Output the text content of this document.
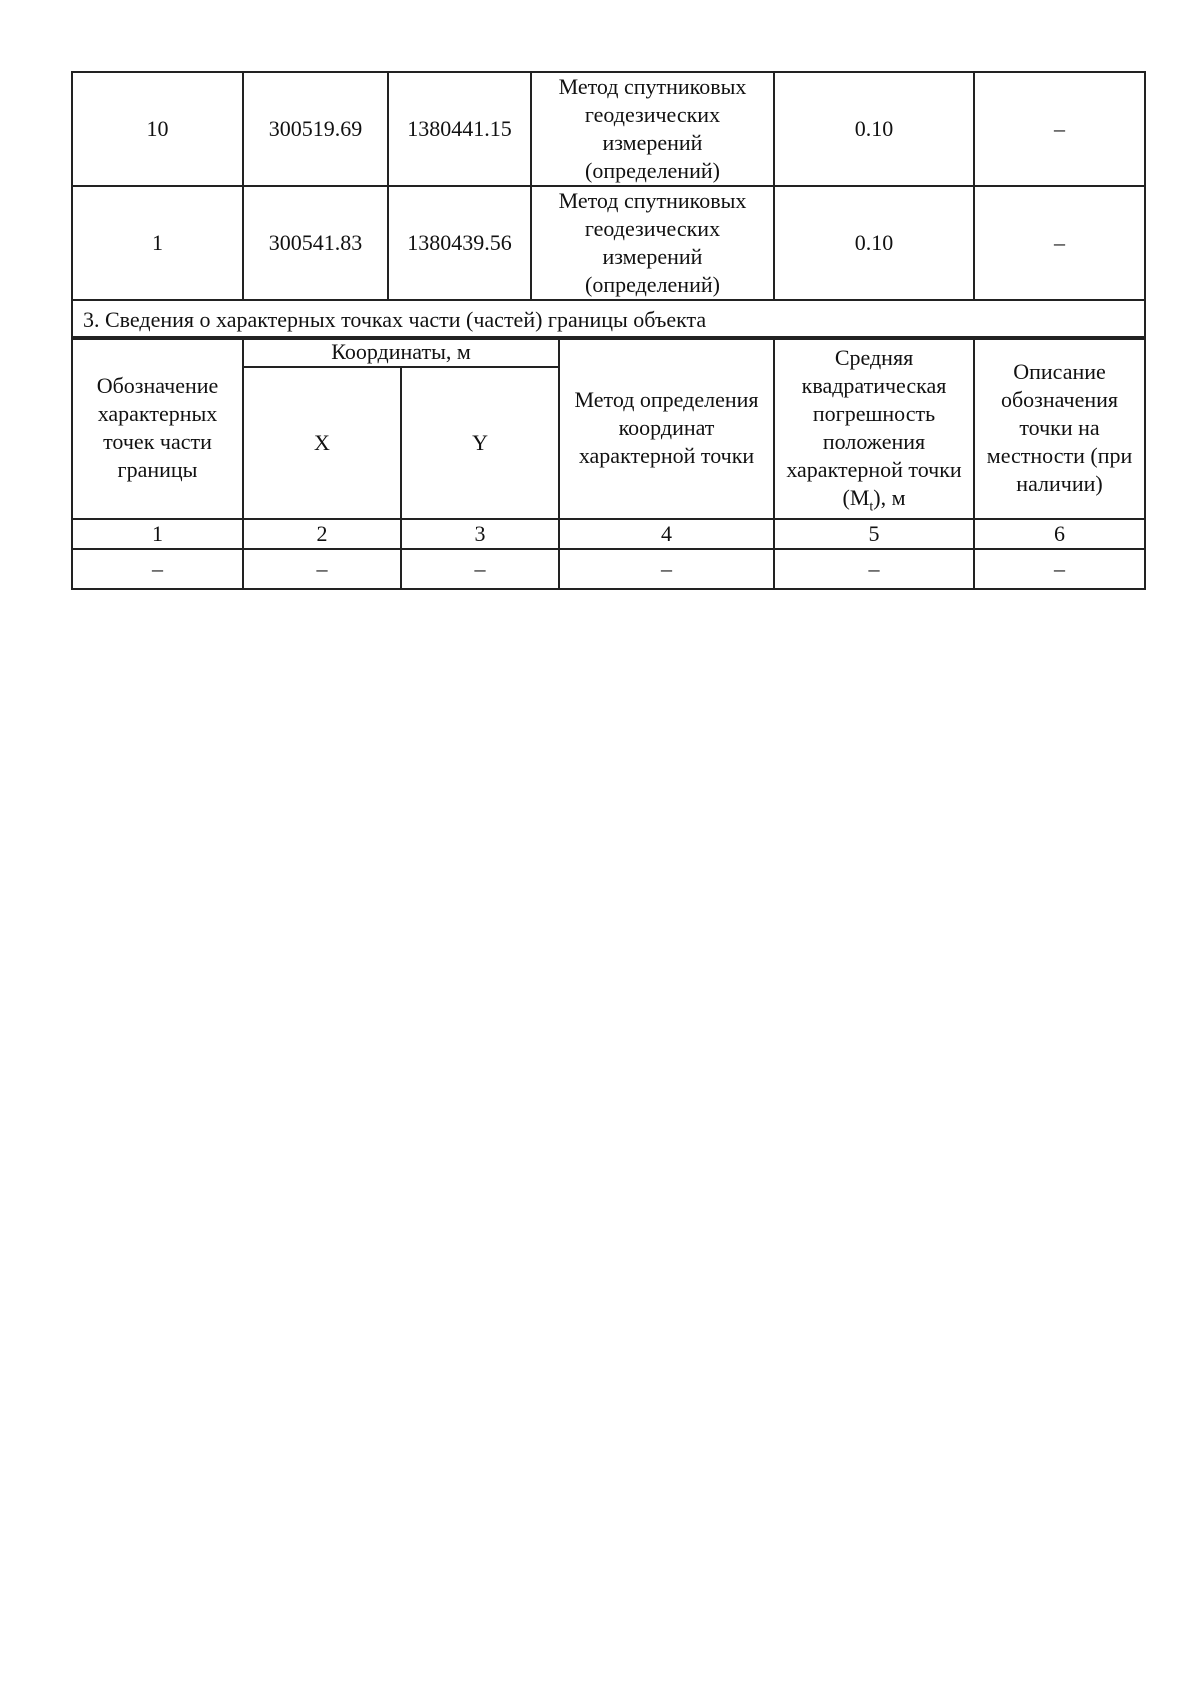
10	300519.69	1380441.15	Метод спутниковых геодезических измерений (определений)	0.10	–
1	300541.83	1380439.56	Метод спутниковых геодезических измерений (определений)	0.10	–
3. Сведения о характерных точках части (частей) границы объекта					
Обозначение характерных точек части границы	Координаты, м		Метод определения координат характерной точки	Средняя квадратическая погрешность положения характерной точки $(M_t)$, м	Описание обозначения точки на местности (при наличии)
	X	Y			
1	2	3	4	5	6
–	–	–	–	–	–
